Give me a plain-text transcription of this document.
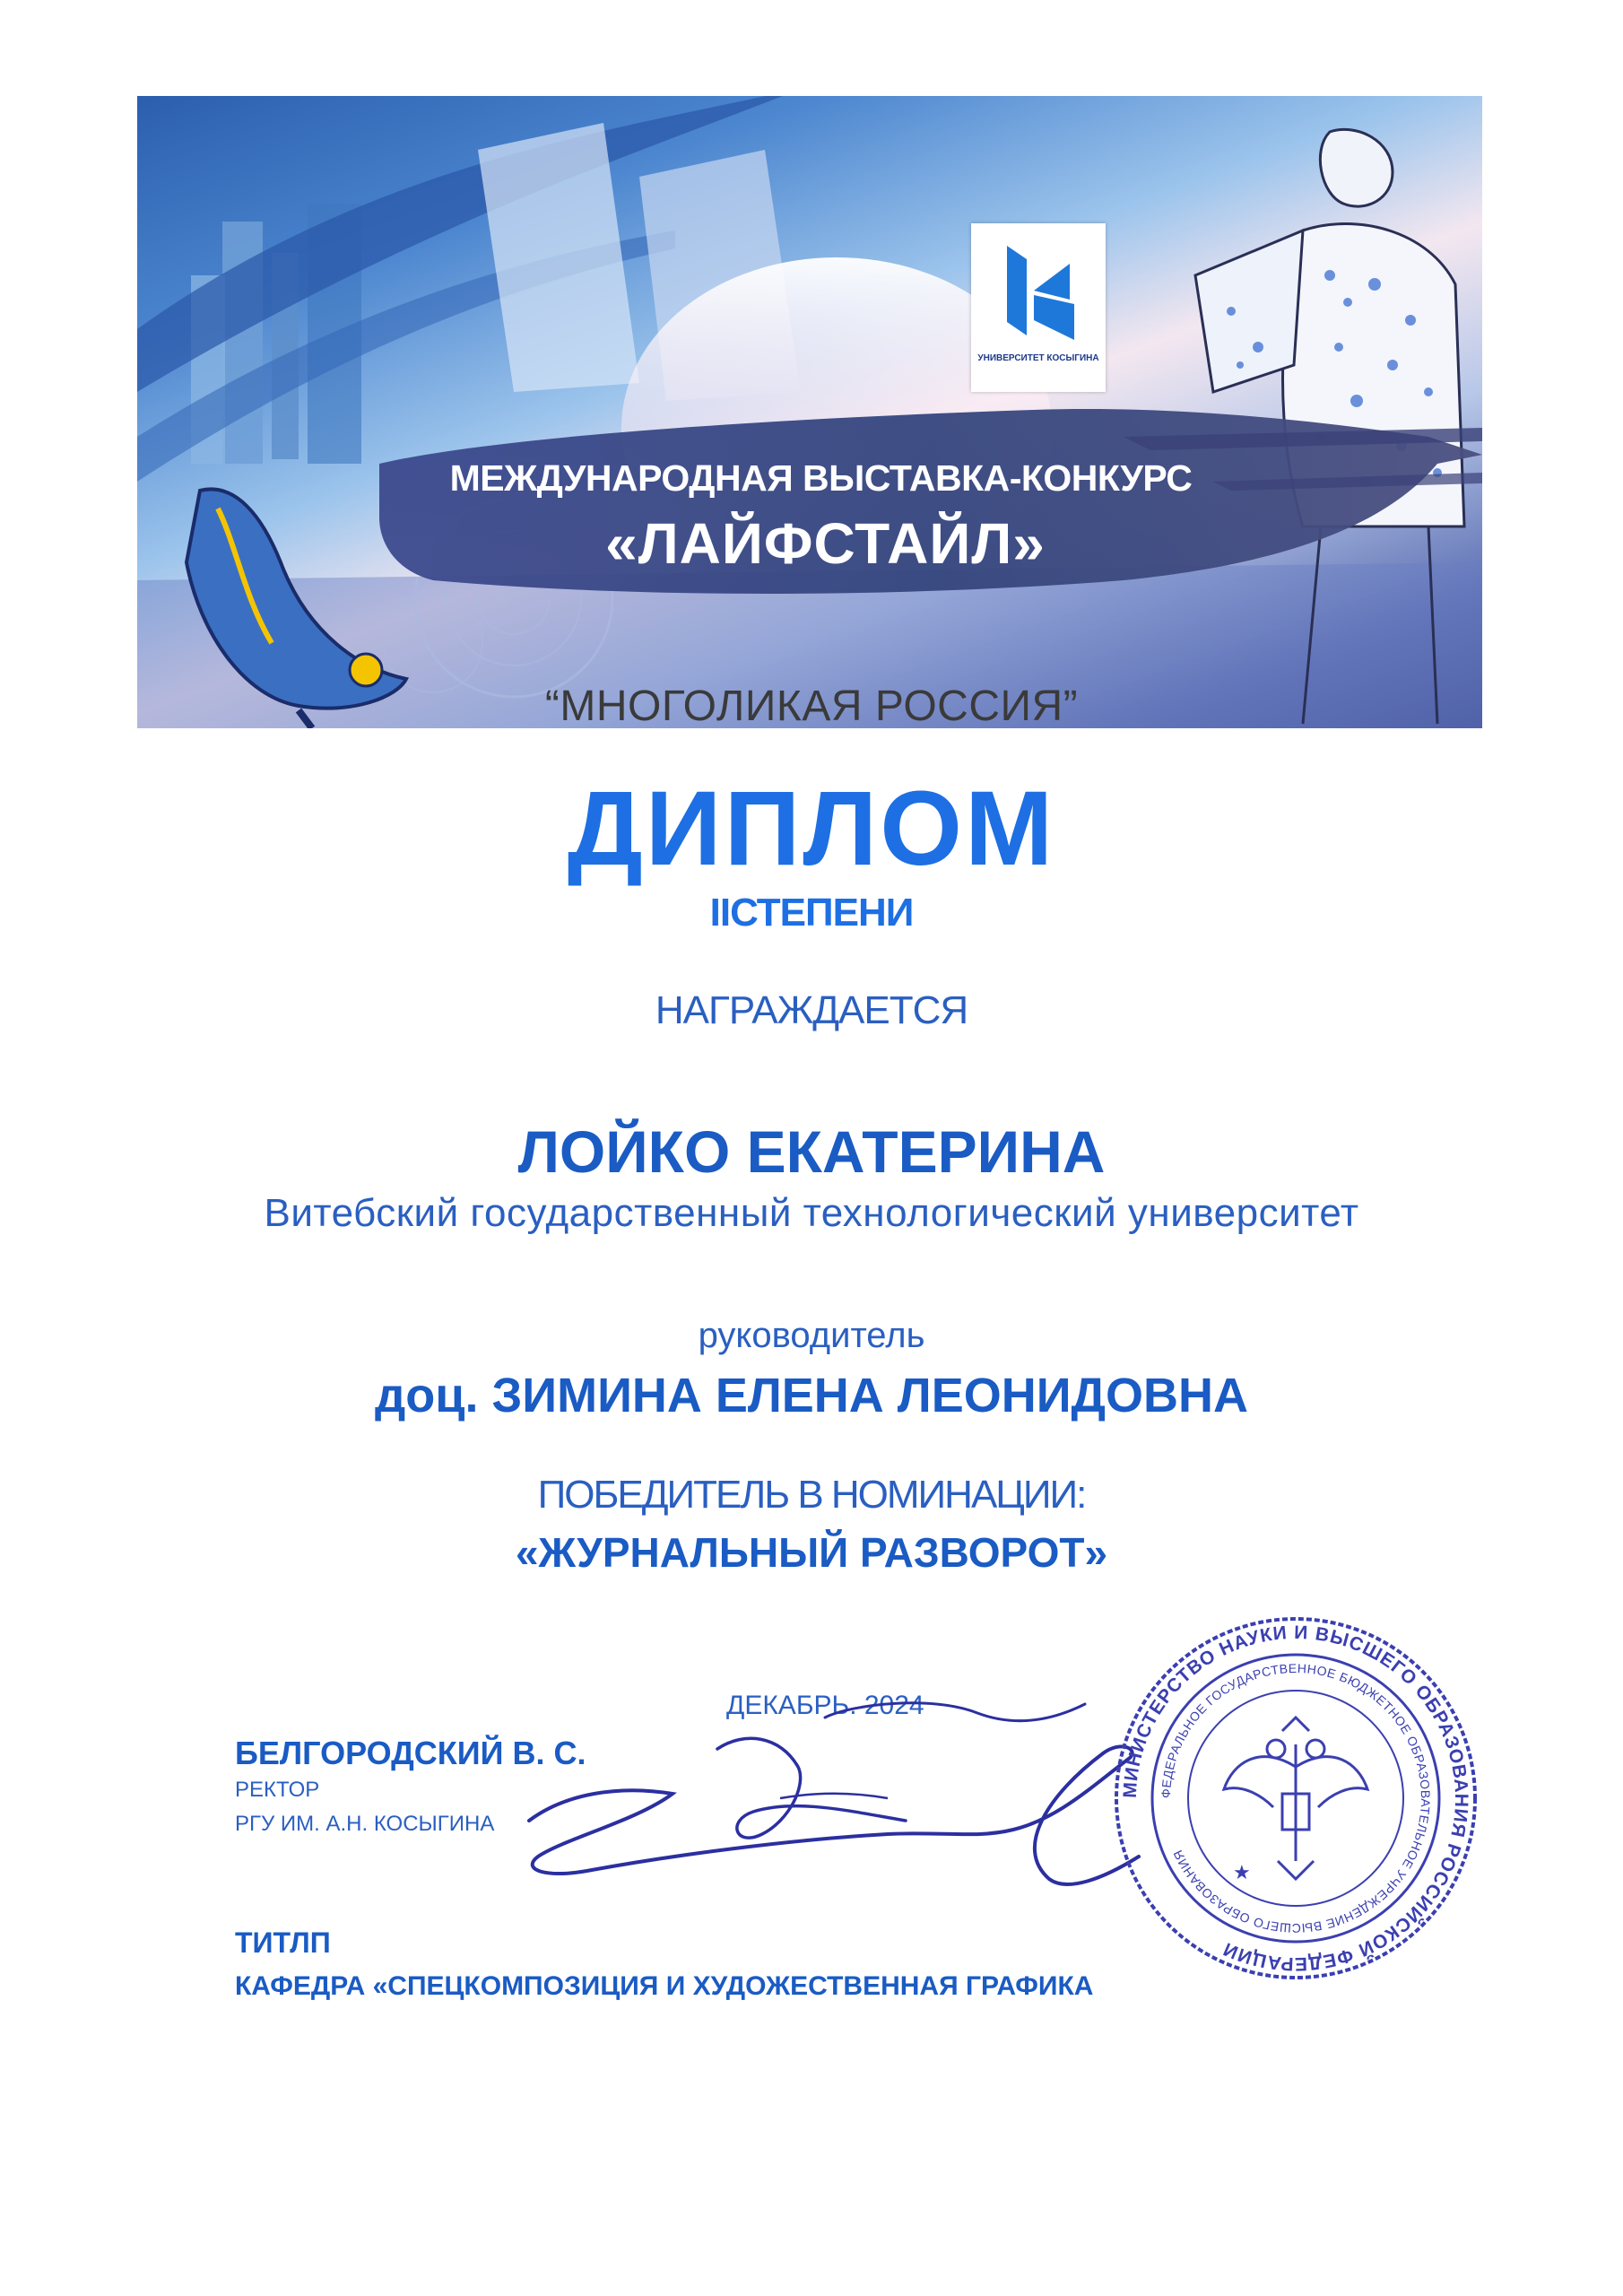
УНИВЕРСИТЕТ КОСЫГИНА
МЕЖДУНАРОДНАЯ ВЫСТАВКА-КОНКУРС
«ЛАЙФСТАЙЛ»
“МНОГОЛИКАЯ РОССИЯ”
ДИПЛОМ
IIСТЕПЕНИ
НАГРАЖДАЕТСЯ
ЛОЙКО ЕКАТЕРИНА
Витебский государственный технологический университет
руководитель
доц. ЗИМИНА ЕЛЕНА ЛЕОНИДОВНА
ПОБЕДИТЕЛЬ В НОМИНАЦИИ:
«ЖУРНАЛЬНЫЙ РАЗВОРОТ»
ДЕКАБРЬ. 2024
БЕЛГОРОДСКИЙ В. С.
РЕКТОР
РГУ ИМ. А.Н. КОСЫГИНА
ТИТЛП
КАФЕДРА «СПЕЦКОМПОЗИЦИЯ И ХУДОЖЕСТВЕННАЯ ГРАФИКА
МИНИСТЕРСТВО НАУКИ И ВЫСШЕГО ОБРАЗОВАНИЯ РОССИЙСКОЙ ФЕДЕРАЦИИ
ФЕДЕРАЛЬНОЕ ГОСУДАРСТВЕННОЕ БЮДЖЕТНОЕ ОБРАЗОВАТЕЛЬНОЕ УЧРЕЖДЕНИЕ ВЫСШЕГО ОБРАЗОВАНИЯ
★
